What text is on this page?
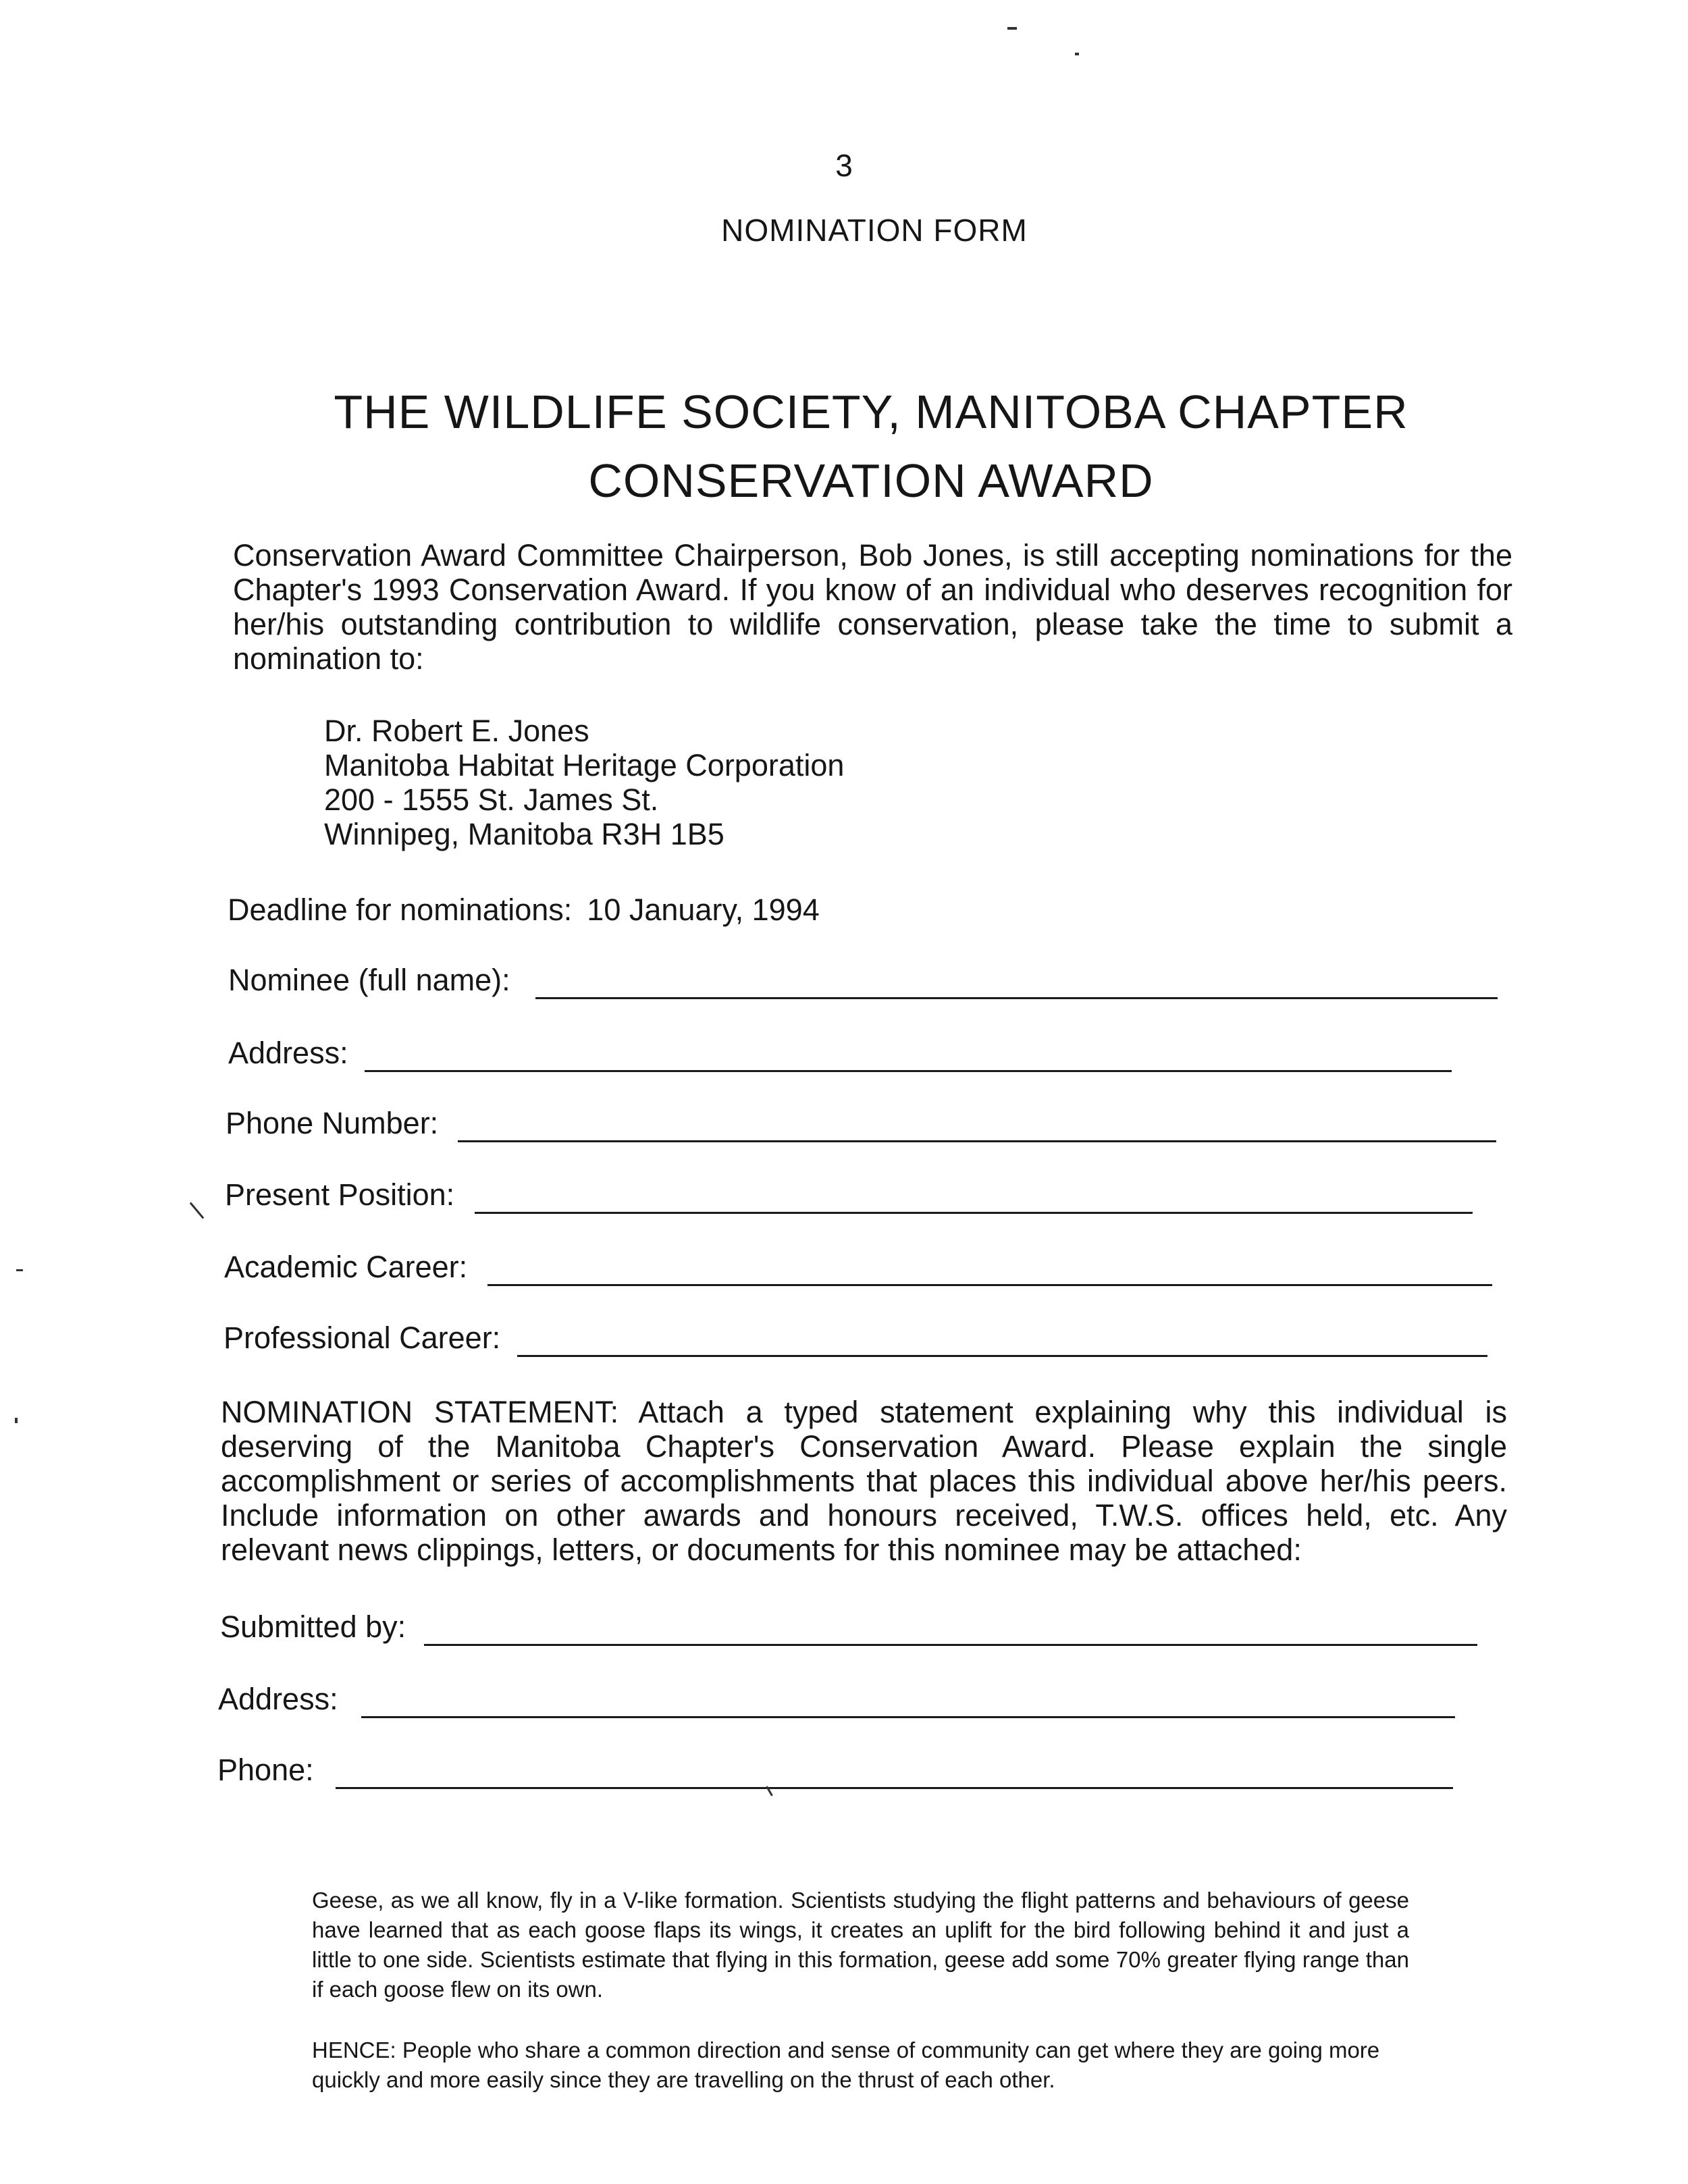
3
NOMINATION FORM
THE WILDLIFE SOCIETY, MANITOBA CHAPTER
CONSERVATION AWARD
Conservation Award Committee Chairperson, Bob Jones, is still accepting nominations for the Chapter's 1993 Conservation Award. If you know of an individual who deserves recognition for her/his outstanding contribution to wildlife conservation, please take the time to submit a nomination to:
Dr. Robert E. Jones
Manitoba Habitat Heritage Corporation
200 - 1555 St. James St.
Winnipeg, Manitoba R3H 1B5
Deadline for nominations: 10 January, 1994
Nominee (full name):
Address:
Phone Number:
Present Position:
Academic Career:
Professional Career:
NOMINATION STATEMENT: Attach a typed statement explaining why this individual is deserving of the Manitoba Chapter's Conservation Award. Please explain the single accomplishment or series of accomplishments that places this individual above her/his peers. Include information on other awards and honours received, T.W.S. offices held, etc. Any relevant news clippings, letters, or documents for this nominee may be attached:
Submitted by:
Address:
Phone:
Geese, as we all know, fly in a V-like formation. Scientists studying the flight patterns and behaviours of geese have learned that as each goose flaps its wings, it creates an uplift for the bird following behind it and just a little to one side. Scientists estimate that flying in this formation, geese add some 70% greater flying range than if each goose flew on its own.
HENCE: People who share a common direction and sense of community can get where they are going more quickly and more easily since they are travelling on the thrust of each other.
